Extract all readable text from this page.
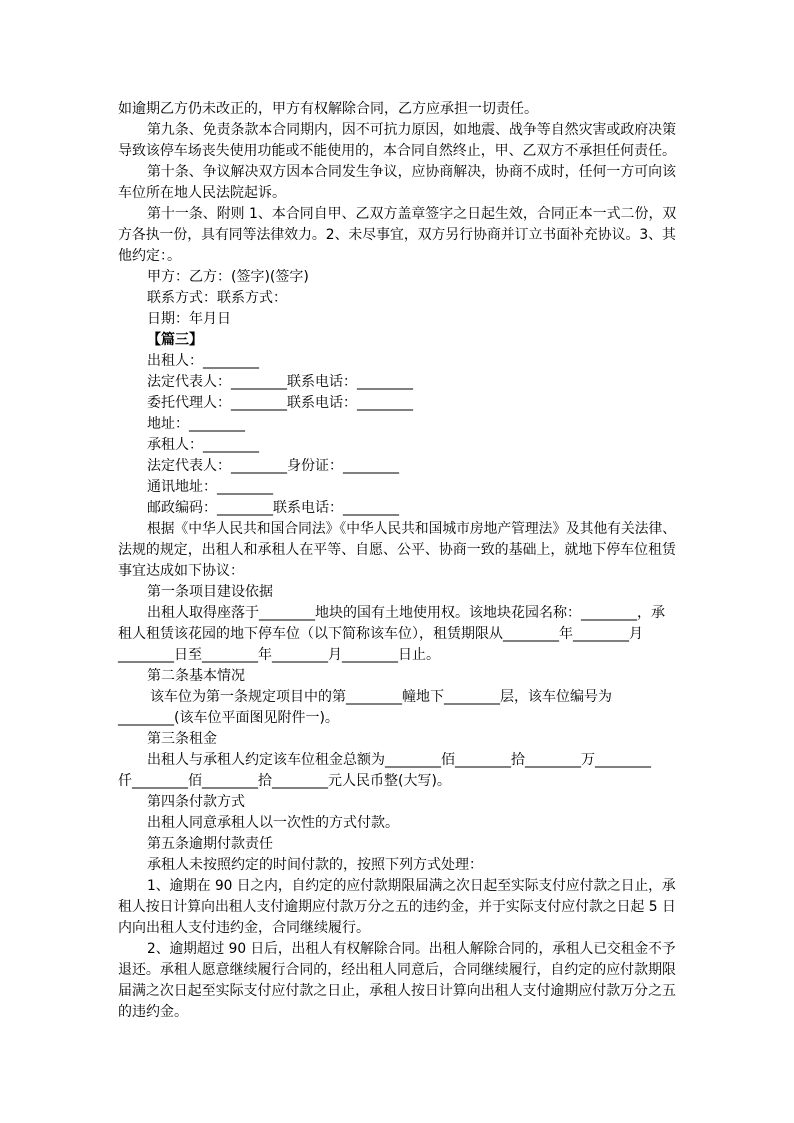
如逾期乙方仍未改正的，甲方有权解除合同，乙方应承担一切责任。
第九条、免责条款本合同期内，因不可抗力原因，如地震、战争等自然灾害或政府决策
导致该停车场丧失使用功能或不能使用的，本合同自然终止，甲、乙双方不承担任何责任。
第十条、争议解决双方因本合同发生争议，应协商解决，协商不成时，任何一方可向该
车位所在地人民法院起诉。
第十一条、附则 1、本合同自甲、乙双方盖章签字之日起生效，合同正本一式二份，双
方各执一份，具有同等法律效力。2、未尽事宜，双方另行协商并订立书面补充协议。3、其
他约定：。
甲方：乙方：(签字)(签字)
联系方式：联系方式：
日期：年月日
【篇三】
出租人：________
法定代表人：________联系电话：________
委托代理人：________联系电话：________
地址：________
承租人：________
法定代表人：________身份证：________
通讯地址：________
邮政编码：________联系电话：________
根据《中华人民共和国合同法》《中华人民共和国城市房地产管理法》及其他有关法律、
法规的规定，出租人和承租人在平等、自愿、公平、协商一致的基础上，就地下停车位租赁
事宜达成如下协议：
第一条项目建设依据
出租人取得座落于________地块的国有土地使用权。该地块花园名称：________，承
租人租赁该花园的地下停车位（以下简称该车位），租赁期限从________年________月
________日至________年________月________日止。
第二条基本情况
该车位为第一条规定项目中的第________幢地下________层，该车位编号为
________(该车位平面图见附件一)。
第三条租金
出租人与承租人约定该车位租金总额为________佰________拾________万________
仟________佰________拾________元人民币整(大写)。
第四条付款方式
出租人同意承租人以一次性的方式付款。
第五条逾期付款责任
承租人未按照约定的时间付款的，按照下列方式处理：
1、逾期在 90 日之内，自约定的应付款期限届满之次日起至实际支付应付款之日止，承
租人按日计算向出租人支付逾期应付款万分之五的违约金，并于实际支付应付款之日起 5 日
内向出租人支付违约金，合同继续履行。
2、逾期超过 90 日后，出租人有权解除合同。出租人解除合同的，承租人已交租金不予
退还。承租人愿意继续履行合同的，经出租人同意后，合同继续履行，自约定的应付款期限
届满之次日起至实际支付应付款之日止，承租人按日计算向出租人支付逾期应付款万分之五
的违约金。
